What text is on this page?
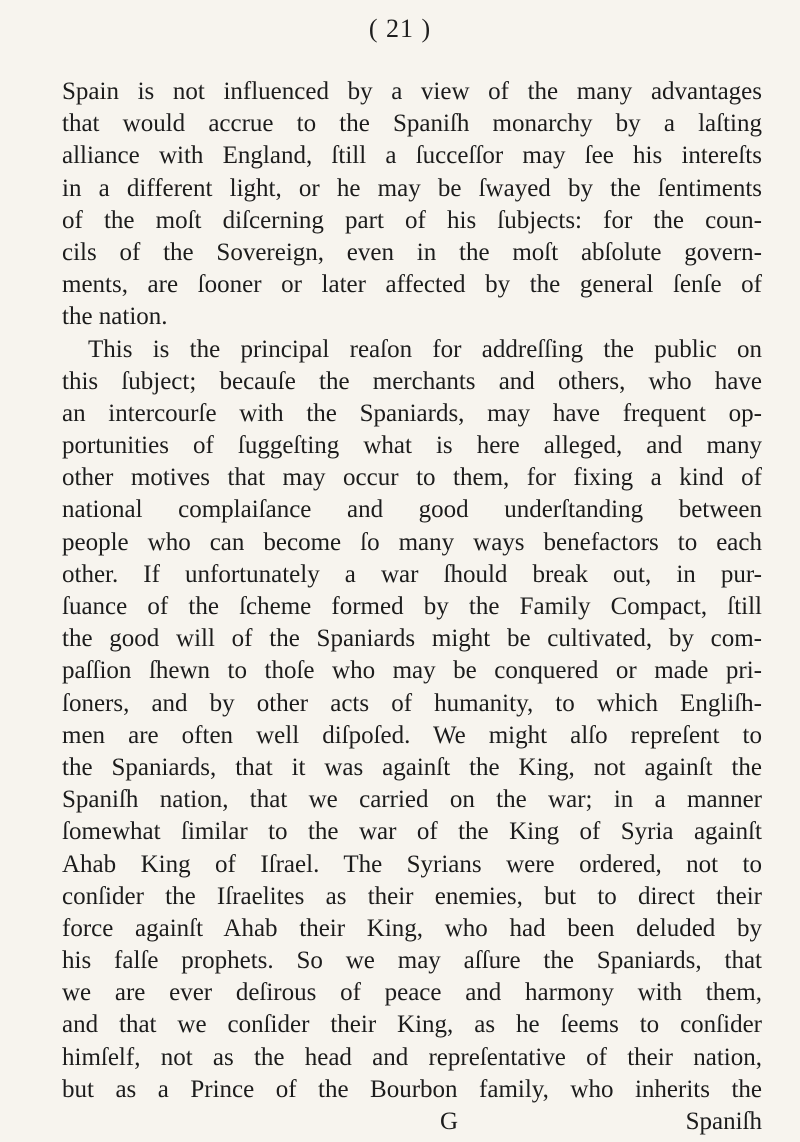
( 21 )
Spain is not influenced by a view of the many advantages
that would accrue to the Spaniſh monarchy by a laſting
alliance with England, ſtill a ſucceſſor may ſee his intereſts
in a different light, or he may be ſwayed by the ſentiments
of the moſt diſcerning part of his ſubjects: for the coun-
cils of the Sovereign, even in the moſt abſolute govern-
ments, are ſooner or later affected by the general ſenſe of
the nation.
This is the principal reaſon for addreſſing the public on
this ſubject; becauſe the merchants and others, who have
an intercourſe with the Spaniards, may have frequent op-
portunities of ſuggeſting what is here alleged, and many
other motives that may occur to them, for fixing a kind of
national complaiſance and good underſtanding between
people who can become ſo many ways benefactors to each
other. If unfortunately a war ſhould break out, in pur-
ſuance of the ſcheme formed by the Family Compact, ſtill
the good will of the Spaniards might be cultivated, by com-
paſſion ſhewn to thoſe who may be conquered or made pri-
ſoners, and by other acts of humanity, to which Engliſh-
men are often well diſpoſed. We might alſo repreſent to
the Spaniards, that it was againſt the King, not againſt the
Spaniſh nation, that we carried on the war; in a manner
ſomewhat ſimilar to the war of the King of Syria againſt
Ahab King of Iſrael. The Syrians were ordered, not to
conſider the Iſraelites as their enemies, but to direct their
force againſt Ahab their King, who had been deluded by
his falſe prophets. So we may aſſure the Spaniards, that
we are ever deſirous of peace and harmony with them,
and that we conſider their King, as he ſeems to conſider
himſelf, not as the head and repreſentative of their nation,
but as a Prince of the Bourbon family, who inherits the
G	Spaniſh
